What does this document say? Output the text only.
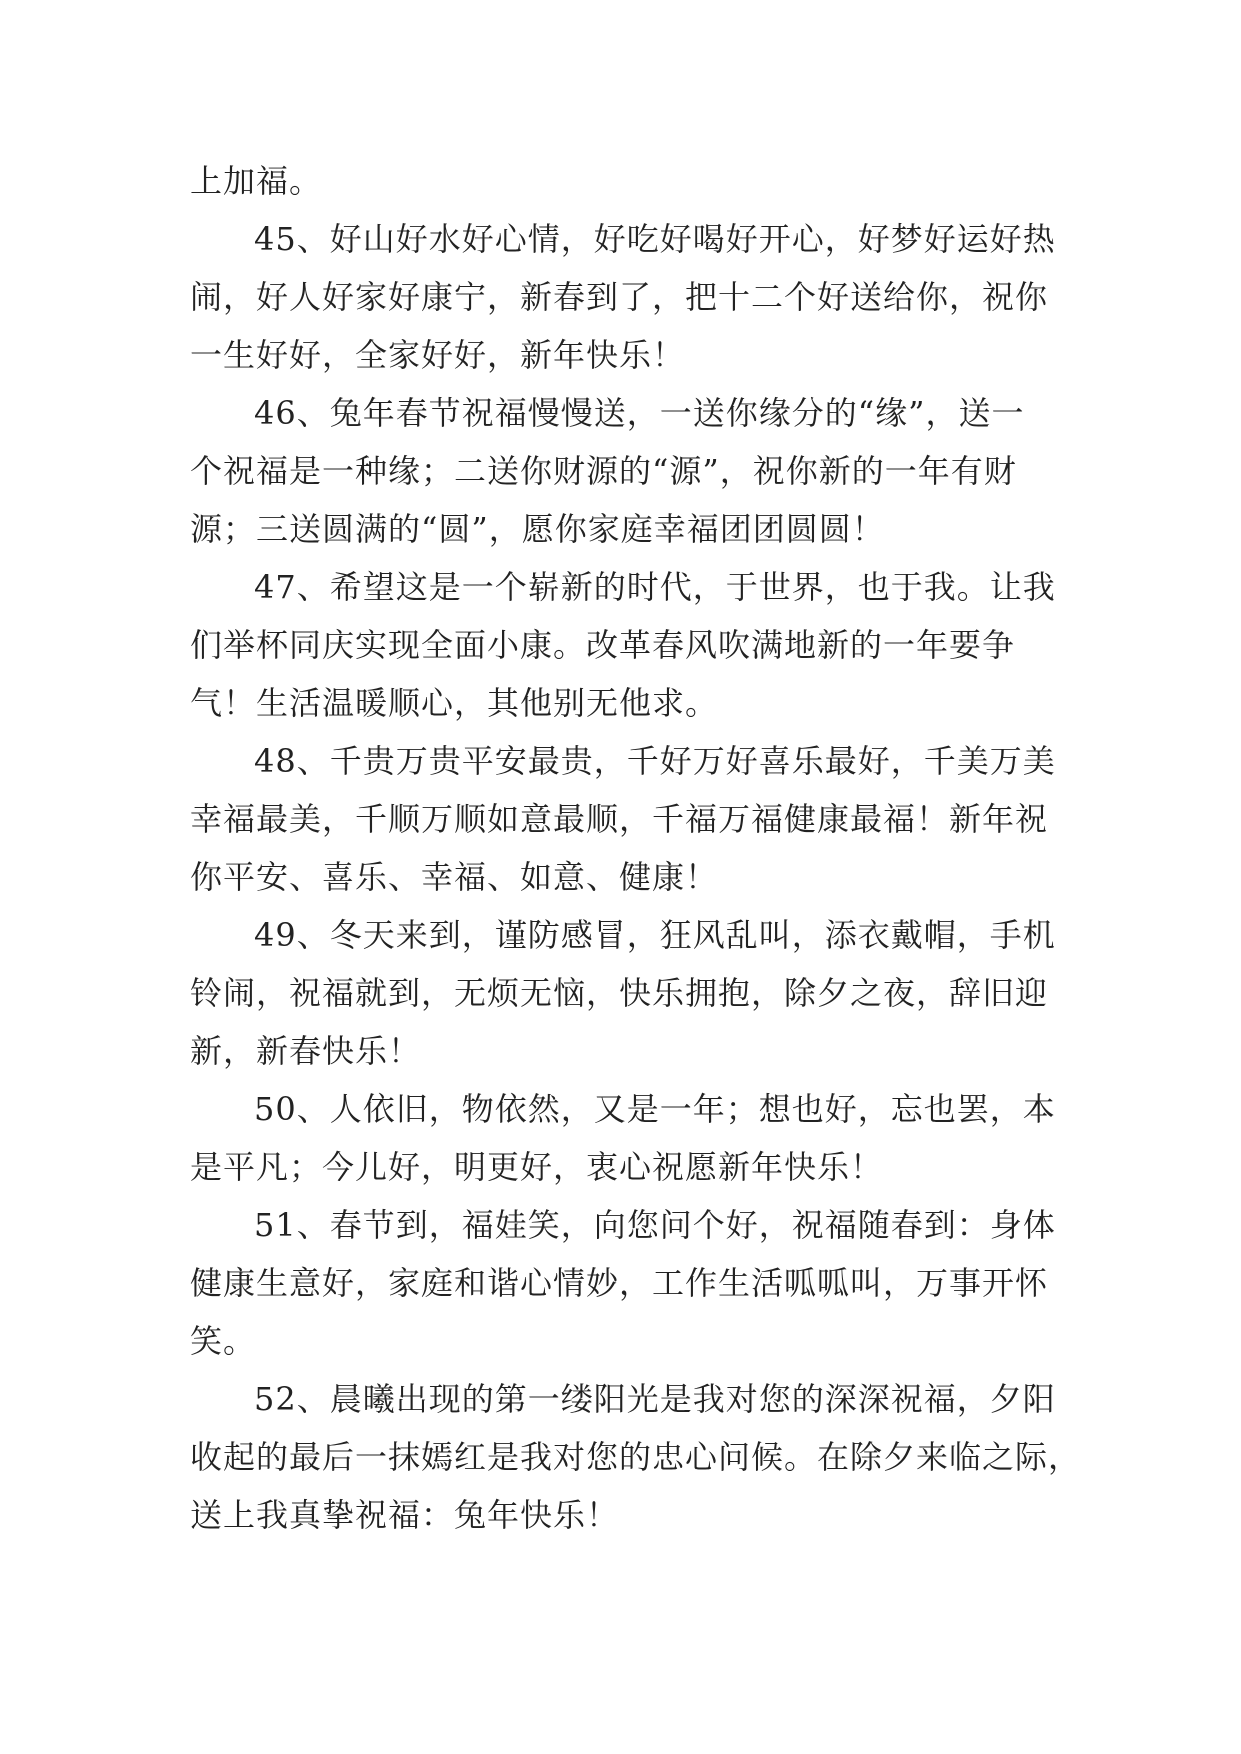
上加福。
45、好山好水好心情，好吃好喝好开心，好梦好运好热
闹，好人好家好康宁，新春到了，把十二个好送给你，祝你
一生好好，全家好好，新年快乐！
46、兔年春节祝福慢慢送，一送你缘分的“缘”，送一
个祝福是一种缘；二送你财源的“源”，祝你新的一年有财
源；三送圆满的“圆”，愿你家庭幸福团团圆圆！
47、希望这是一个崭新的时代，于世界，也于我。让我
们举杯同庆实现全面小康。改革春风吹满地新的一年要争
气！生活温暖顺心，其他别无他求。
48、千贵万贵平安最贵，千好万好喜乐最好，千美万美
幸福最美，千顺万顺如意最顺，千福万福健康最福！新年祝
你平安、喜乐、幸福、如意、健康！
49、冬天来到，谨防感冒，狂风乱叫，添衣戴帽，手机
铃闹，祝福就到，无烦无恼，快乐拥抱，除夕之夜，辞旧迎
新，新春快乐！
50、人依旧，物依然，又是一年；想也好，忘也罢，本
是平凡；今儿好，明更好，衷心祝愿新年快乐！
51、春节到，福娃笑，向您问个好，祝福随春到：身体
健康生意好，家庭和谐心情妙，工作生活呱呱叫，万事开怀
笑。
52、晨曦出现的第一缕阳光是我对您的深深祝福，夕阳
收起的最后一抹嫣红是我对您的忠心问候。在除夕来临之际，
送上我真挚祝福：兔年快乐！
